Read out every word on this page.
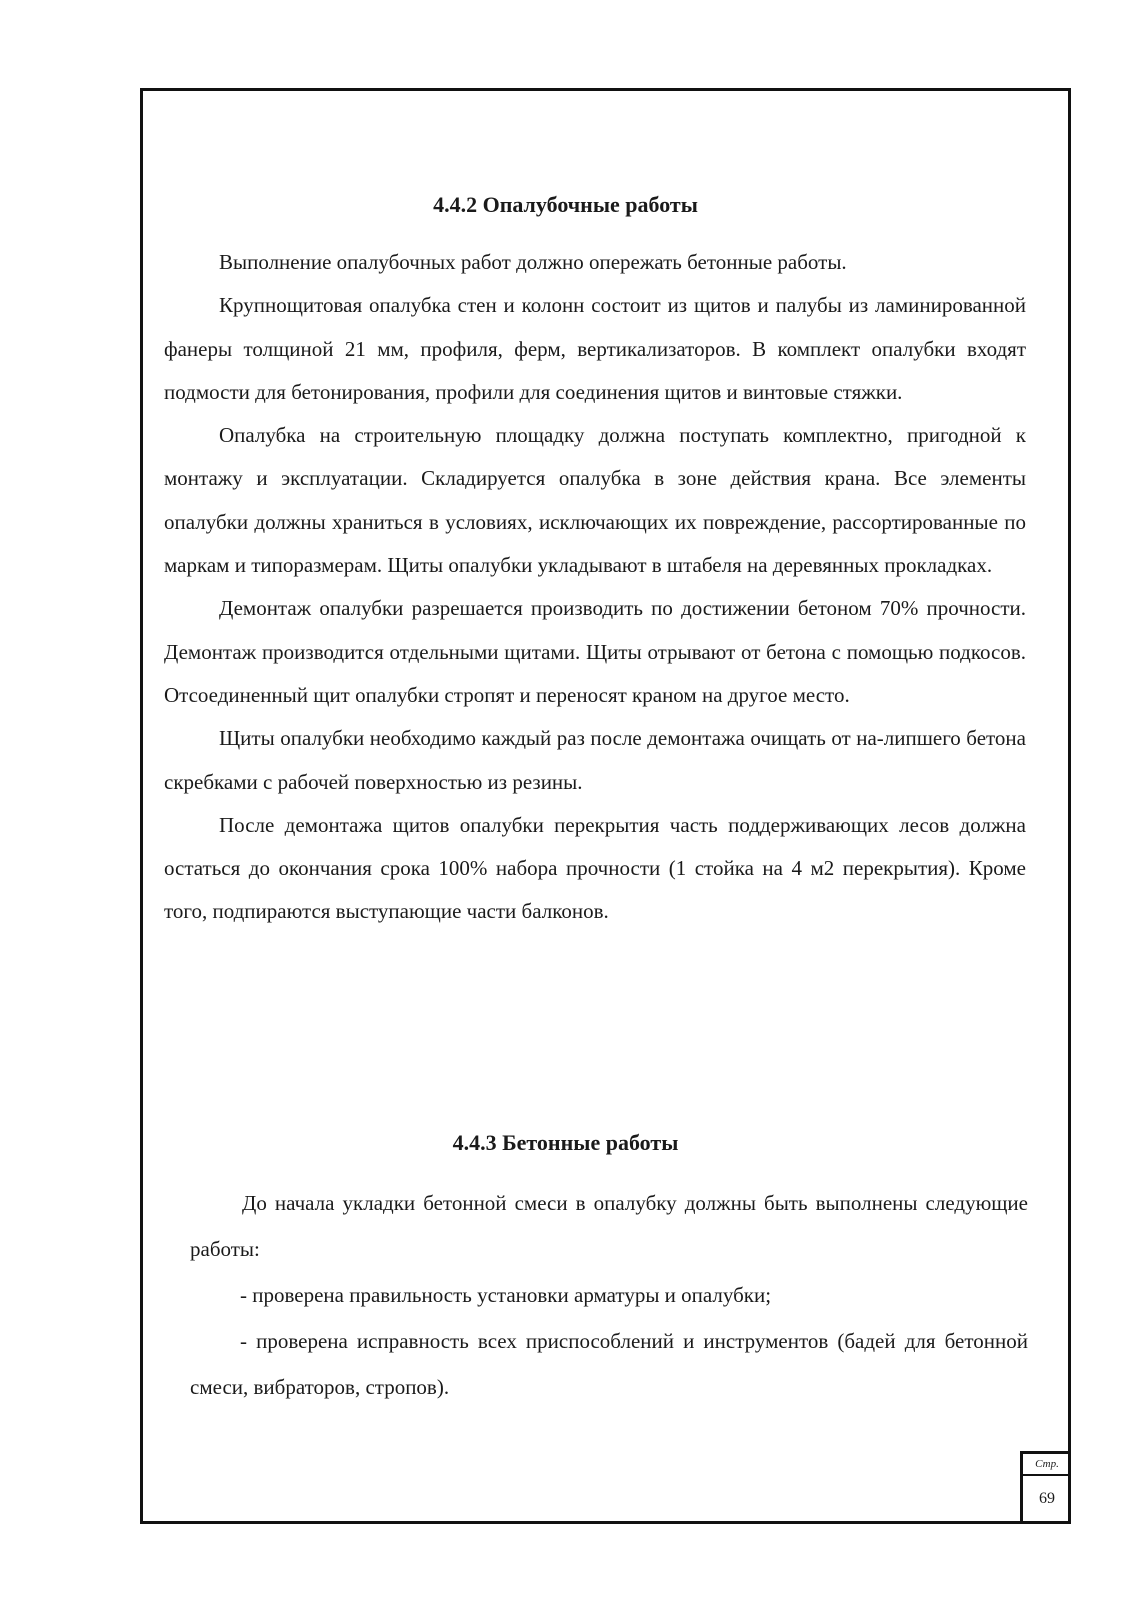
4.4.2 Опалубочные работы

Выполнение опалубочных работ должно опережать бетонные работы.

Крупнощитовая опалубка стен и колонн состоит из щитов и палубы из ламинированной фанеры толщиной 21 мм, профиля, ферм, вертикализаторов. В комплект опалубки входят подмости для бетонирования, профили для соединения щитов и винтовые стяжки.

Опалубка на строительную площадку должна поступать комплектно, пригодной к монтажу и эксплуатации. Складируется опалубка в зоне действия крана. Все элементы опалубки должны храниться в условиях, исключающих их повреждение, рассортированные по маркам и типоразмерам. Щиты опалубки укладывают в штабеля на деревянных прокладках.

Демонтаж опалубки разрешается производить по достижении бетоном 70% прочности. Демонтаж производится отдельными щитами. Щиты отрывают от бетона с помощью подкосов. Отсоединенный щит опалубки стропят и переносят краном на другое место.

Щиты опалубки необходимо каждый раз после демонтажа очищать от на-липшего бетона скребками с рабочей поверхностью из резины.

После демонтажа щитов опалубки перекрытия часть поддерживающих лесов должна остаться до окончания срока 100% набора прочности (1 стойка на 4 м2 перекрытия). Кроме того, подпираются выступающие части балконов.

4.4.3 Бетонные работы

До начала укладки бетонной смеси в опалубку должны быть выполнены следующие работы:

- проверена правильность установки арматуры и опалубки;

- проверена исправность всех приспособлений и инструментов (бадей для бетонной смеси, вибраторов, стропов).

Стр.
69
